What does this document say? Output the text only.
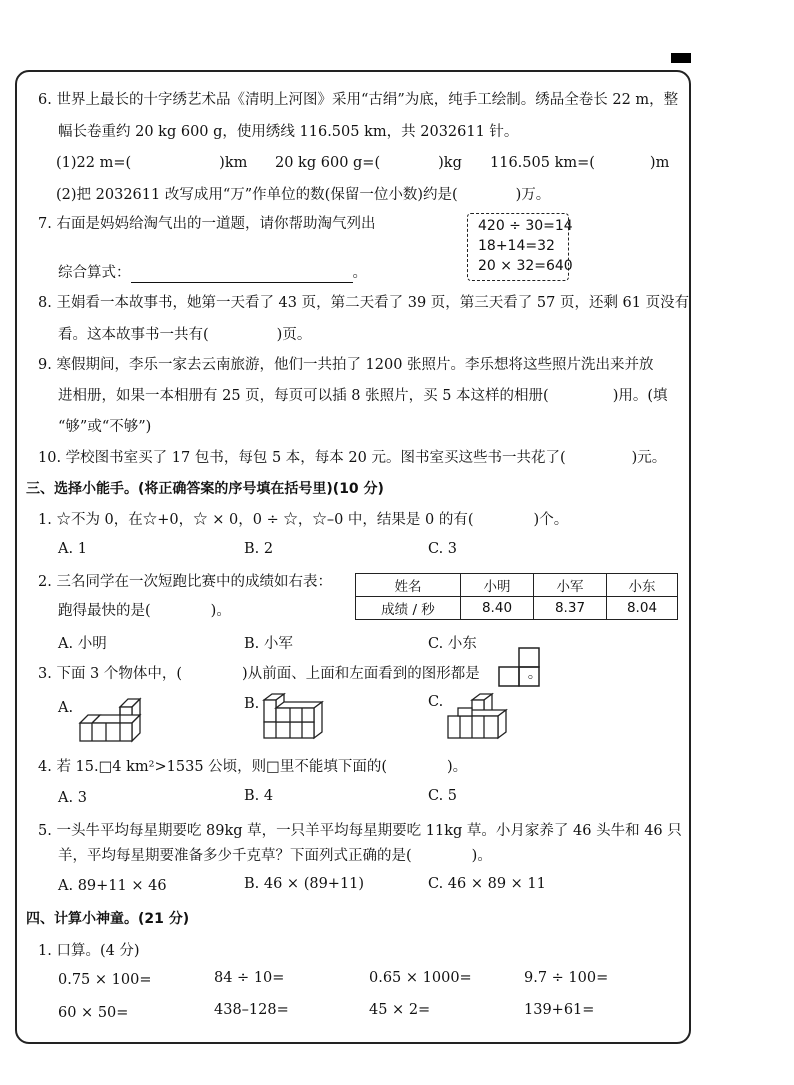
6. 世界上最长的十字绣艺术品《清明上河图》采用“古绢”为底，纯手工绘制。绣品全卷长 22 m，整
幅长卷重约 20 kg 600 g，使用绣线 116.505 km，共 2032611 针。
(1)22 m=(	)km 20 kg 600 g=(	)kg 116.505 km=(	)m
(2)把 2032611 改写成用“万”作单位的数(保留一位小数)约是(	)万。
7. 右面是妈妈给淘气出的一道题，请你帮助淘气列出
综合算式：	。
420 ÷ 30=14
18+14=32
20 × 32=640
8. 王娟看一本故事书，她第一天看了 43 页，第二天看了 39 页，第三天看了 57 页，还剩 61 页没有
看。这本故事书一共有(	)页。
9. 寒假期间，李乐一家去云南旅游，他们一共拍了 1200 张照片。李乐想将这些照片洗出来并放
进相册，如果一本相册有 25 页，每页可以插 8 张照片，买 5 本这样的相册(	)用。(填
“够”或“不够”)
10. 学校图书室买了 17 包书，每包 5 本，每本 20 元。图书室买这些书一共花了(	)元。
三、选择小能手。(将正确答案的序号填在括号里)(10 分)
1. ☆不为 0，在☆+0，☆ × 0，0 ÷ ☆，☆–0 中，结果是 0 的有(	)个。
A. 1	B. 2	C. 3
2. 三名同学在一次短跑比赛中的成绩如右表：
跑得最快的是(	)。
姓名	小明	小军	小东
成绩 / 秒	8.40	8.37	8.04
A. 小明	B. 小军	C. 小东
3. 下面 3 个物体中，(	)从前面、上面和左面看到的图形都是	。
A.	B.	C.
4. 若 15.□4 km²>1535 公顷，则□里不能填下面的(	)。
A. 3	B. 4	C. 5
5. 一头牛平均每星期要吃 89kg 草，一只羊平均每星期要吃 11kg 草。小月家养了 46 头牛和 46 只
羊，平均每星期要准备多少千克草？下面列式正确的是(	)。
A. 89+11 × 46	B. 46 × (89+11)	C. 46 × 89 × 11
四、计算小神童。(21 分)
1. 口算。(4 分)
0.75 × 100=	84 ÷ 10=	0.65 × 1000=	9.7 ÷ 100=
60 × 50=	438–128=	45 × 2=	139+61=
